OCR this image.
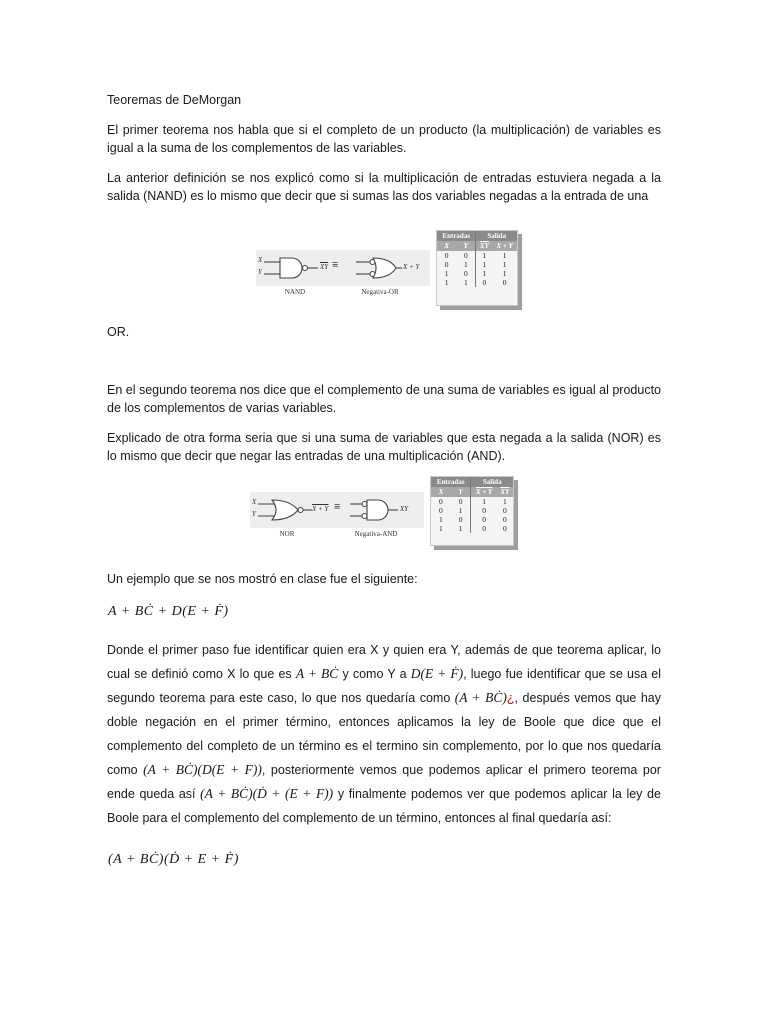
Teoremas de DeMorgan

El primer teorema nos habla que si el completo de un producto (la multiplicación) de variables es igual a la suma de los complementos de las variables.

La anterior definición se nos explicó como si la multiplicación de entradas estuviera negada a la salida (NAND) es lo mismo que decir que si sumas las dos variables negadas a la entrada de una

X
Y
$\overline{XY}$ ≡	X + Y
NAND	Negativa-OR
Entradas		Salida	
X	Y	$\overline{XY}$	X + Y
0	0	1	1
0	1	1	1
1	0	1	1
1	1	0	0

OR.

En el segundo teorema nos dice que el complemento de una suma de variables es igual al producto de los complementos de varias variables.

Explicado de otra forma seria que si una suma de variables que esta negada a la salida (NOR) es lo mismo que decir que negar las entradas de una multiplicación (AND).

X
Y
X + Y ≡	XY
NOR	Negativa-AND
Entradas		Salida	
X	Y	X + Y	$\overline{XY}$
0	0	1	1
0	1	0	0
1	0	0	0
1	1	0	0

Un ejemplo que se nos mostró en clase fue el siguiente:

A + BĊ + D(E + Ḟ)

Donde el primer paso fue identificar quien era X y quien era Y, además de que teorema aplicar, lo cual se definió como X lo que es A + BĊ y como Y a D(E + Ḟ), luego fue identificar que se usa el segundo teorema para este caso, lo que nos quedaría como (A + BĊ)¿, después vemos que hay doble negación en el primer término, entonces aplicamos la ley de Boole que dice que el complemento del completo de un término es el termino sin complemento, por lo que nos quedaría como (A + BĊ)(D(E + F)), posteriormente vemos que podemos aplicar el primero teorema por ende queda así (A + BĊ)(Ḋ + (E + F)) y finalmente podemos ver que podemos aplicar la ley de Boole para el complemento del complemento de un término, entonces al final quedaría así:

(A + BĊ)(Ḋ + E + Ḟ)
